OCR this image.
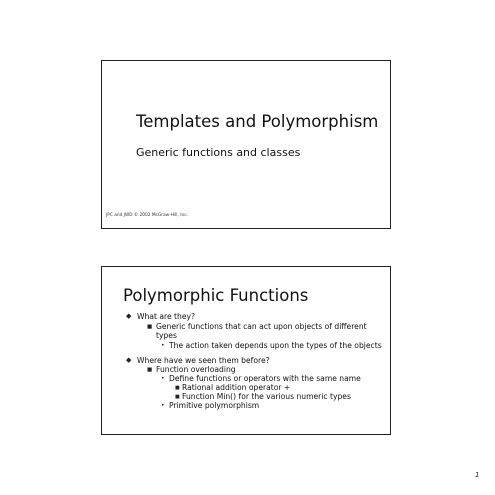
Templates and Polymorphism
Generic functions and classes
JPC and JWD © 2002 McGraw-Hill, Inc.
Polymorphic Functions
◆ What are they?
■ Generic functions that can act upon objects of different
types
• The action taken depends upon the types of the objects
◆ Where have we seen them before?
■ Function overloading
• Define functions or operators with the same name
■ Rational addition operator +
■ Function Min() for the various numeric types
• Primitive polymorphism
1
